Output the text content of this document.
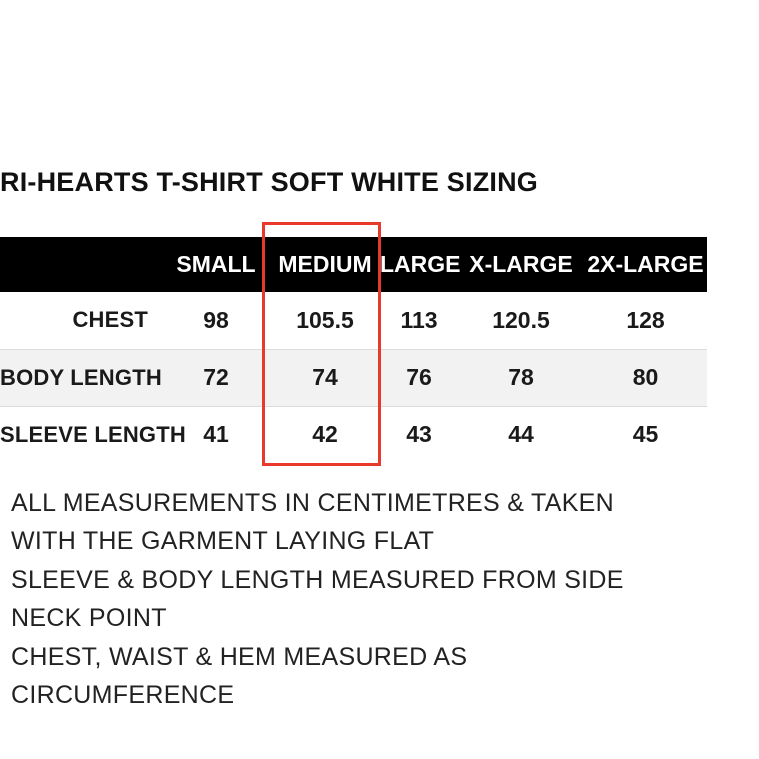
RI-HEARTS T-SHIRT SOFT WHITE SIZING
	SMALL	MEDIUM	LARGE	X-LARGE	2X-LARGE
CHEST	98	105.5	113	120.5	128
BODY LENGTH	72	74	76	78	80
SLEEVE LENGTH	41	42	43	44	45
ALL MEASUREMENTS IN CENTIMETRES & TAKEN
WITH THE GARMENT LAYING FLAT
SLEEVE & BODY LENGTH MEASURED FROM SIDE
NECK POINT
CHEST, WAIST & HEM MEASURED AS
CIRCUMFERENCE
